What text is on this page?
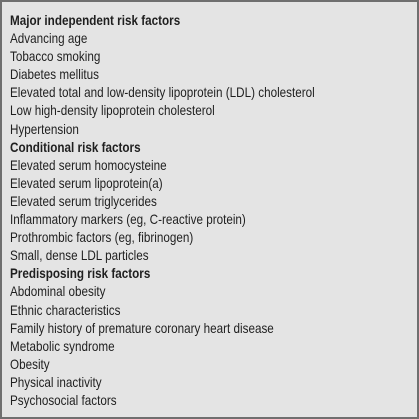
Major independent risk factors
Advancing age
Tobacco smoking
Diabetes mellitus
Elevated total and low-density lipoprotein (LDL) cholesterol
Low high-density lipoprotein cholesterol
Hypertension
Conditional risk factors
Elevated serum homocysteine
Elevated serum lipoprotein(a)
Elevated serum triglycerides
Inflammatory markers (eg, C-reactive protein)
Prothrombic factors (eg, fibrinogen)
Small, dense LDL particles
Predisposing risk factors
Abdominal obesity
Ethnic characteristics
Family history of premature coronary heart disease
Metabolic syndrome
Obesity
Physical inactivity
Psychosocial factors
